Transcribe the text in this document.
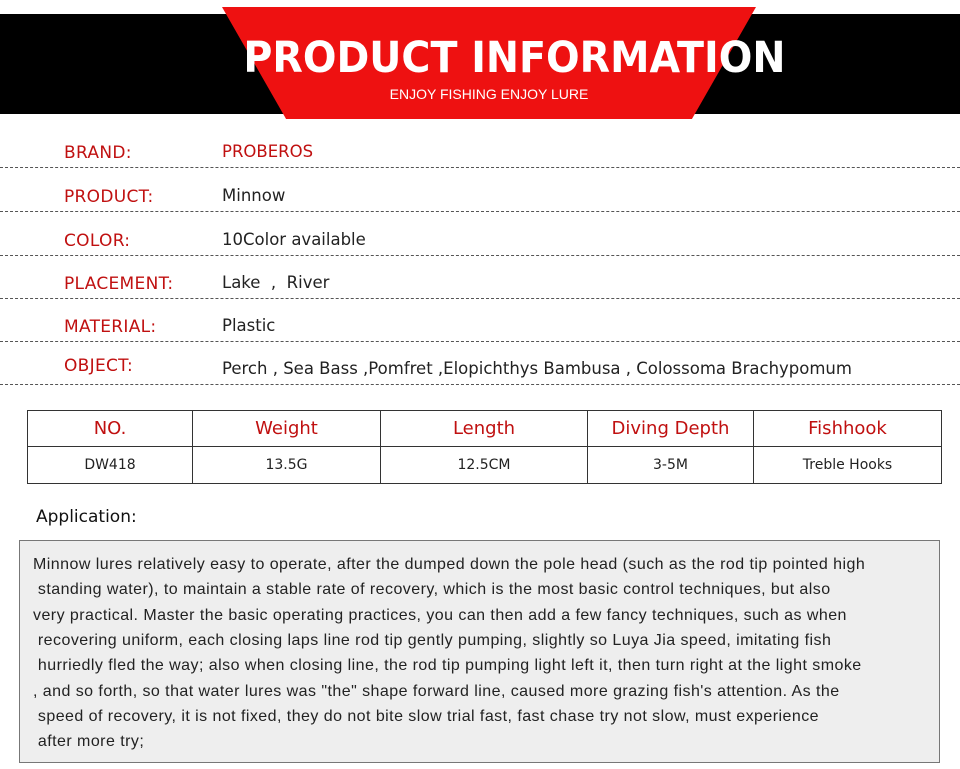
PRODUCT INFORMATION
ENJOY FISHING ENJOY LURE
BRAND:	PROBEROS
PRODUCT:	Minnow
COLOR:	10Color available
PLACEMENT:	Lake  ,  River
MATERIAL:	Plastic
OBJECT:	Perch , Sea Bass ,Pomfret ,Elopichthys Bambusa , Colossoma Brachypomum
NO.	Weight	Length	Diving Depth	Fishhook
DW418	13.5G	12.5CM	3-5M	Treble Hooks
Application:
Minnow lures relatively easy to operate, after the dumped down the pole head (such as the rod tip pointed high
standing water), to maintain a stable rate of recovery, which is the most basic control techniques, but also
very practical. Master the basic operating practices, you can then add a few fancy techniques, such as when
recovering uniform, each closing laps line rod tip gently pumping, slightly so Luya Jia speed, imitating fish
hurriedly fled the way; also when closing line, the rod tip pumping light left it, then turn right at the light smoke
, and so forth, so that water lures was "the" shape forward line, caused more grazing fish's attention. As the
speed of recovery, it is not fixed, they do not bite slow trial fast, fast chase try not slow, must experience
after more try;
